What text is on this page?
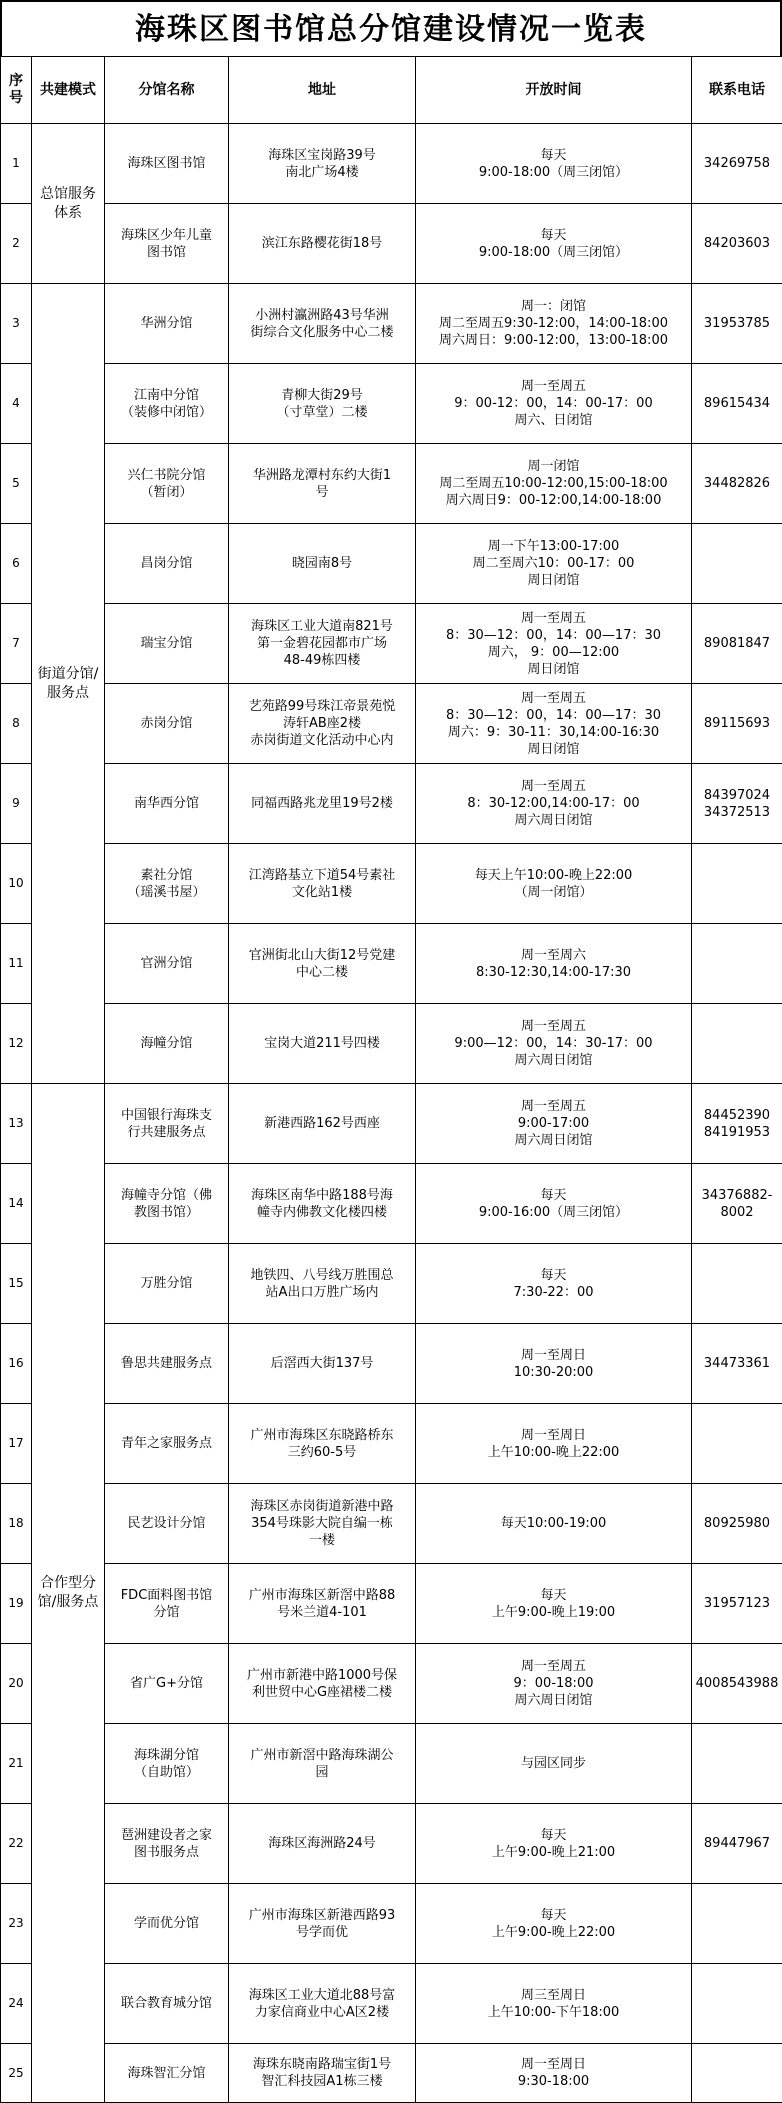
海珠区图书馆总分馆建设情况一览表
序号	共建模式	分馆名称	地址	开放时间	联系电话
1	总馆服务体系	海珠区图书馆	海珠区宝岗路39号
南北广场4楼	每天
9:00-18:00（周三闭馆）	34269758
2		海珠区少年儿童
图书馆	滨江东路樱花街18号	每天
9:00-18:00（周三闭馆）	84203603
3	街道分馆/服务点	华洲分馆	小洲村瀛洲路43号华洲
街综合文化服务中心二楼	周一：闭馆
周二至周五9:30-12:00，14:00-18:00
周六周日：9:00-12:00，13:00-18:00	31953785
4		江南中分馆
（装修中闭馆）	青柳大街29号
（寸草堂）二楼	周一至周五
9：00-12：00，14：00-17：00
周六、日闭馆	89615434
5		兴仁书院分馆
（暂闭）	华洲路龙潭村东约大街1
号	周一闭馆
周二至周五10:00-12:00,15:00-18:00
周六周日9：00-12:00,14:00-18:00	34482826
6		昌岗分馆	晓园南8号	周一下午13:00-17:00
周二至周六10：00-17：00
周日闭馆	
7		瑞宝分馆	海珠区工业大道南821号
第一金碧花园都市广场
48-49栋四楼	周一至周五
8：30—12：00，14：00—17：30
周六， 9：00—12:00
周日闭馆	89081847
8		赤岗分馆	艺苑路99号珠江帝景苑悦
涛轩AB座2楼
赤岗街道文化活动中心内	周一至周五
8：30—12：00，14：00—17：30
周六：9：30-11：30,14:00-16:30
周日闭馆	89115693
9		南华西分馆	同福西路兆龙里19号2楼	周一至周五
8：30-12:00,14:00-17：00
周六周日闭馆	84397024
34372513
10		素社分馆
（瑶溪书屋）	江湾路基立下道54号素社
文化站1楼	每天上午10:00-晚上22:00
（周一闭馆）	
11		官洲分馆	官洲街北山大街12号党建
中心二楼	周一至周六
8:30-12:30,14:00-17:30	
12		海幢分馆	宝岗大道211号四楼	周一至周五
9:00—12：00，14：30-17：00
周六周日闭馆	
13	合作型分馆/服务点	中国银行海珠支
行共建服务点	新港西路162号西座	周一至周五
9:00-17:00
周六周日闭馆	84452390
84191953
14		海幢寺分馆（佛
教图书馆）	海珠区南华中路188号海
幢寺内佛教文化楼四楼	每天
9:00-16:00（周三闭馆）	34376882-
8002
15		万胜分馆	地铁四、八号线万胜围总
站A出口万胜广场内	每天
7:30-22：00	
16		鲁思共建服务点	后滘西大街137号	周一至周日
10:30-20:00	34473361
17		青年之家服务点	广州市海珠区东晓路桥东
三约60-5号	周一至周日
上午10:00-晚上22:00	
18		民艺设计分馆	海珠区赤岗街道新港中路
354号珠影大院自编一栋
一楼	每天10:00-19:00	80925980
19		FDC面料图书馆
分馆	广州市海珠区新滘中路88
号米兰道4-101	每天
上午9:00-晚上19:00	31957123
20		省广G+分馆	广州市新港中路1000号保
利世贸中心G座裙楼二楼	周一至周五
9：00-18:00
周六周日闭馆	4008543988
21		海珠湖分馆
（自助馆）	广州市新滘中路海珠湖公
园	与园区同步	
22		琶洲建设者之家
图书服务点	海珠区海洲路24号	每天
上午9:00-晚上21:00	89447967
23		学而优分馆	广州市海珠区新港西路93
号学而优	每天
上午9:00-晚上22:00	
24		联合教育城分馆	海珠区工业大道北88号富
力家信商业中心A区2楼	周三至周日
上午10:00-下午18:00	
25		海珠智汇分馆	海珠东晓南路瑞宝街1号
智汇科技园A1栋三楼	周一至周日
9:30-18:00	
